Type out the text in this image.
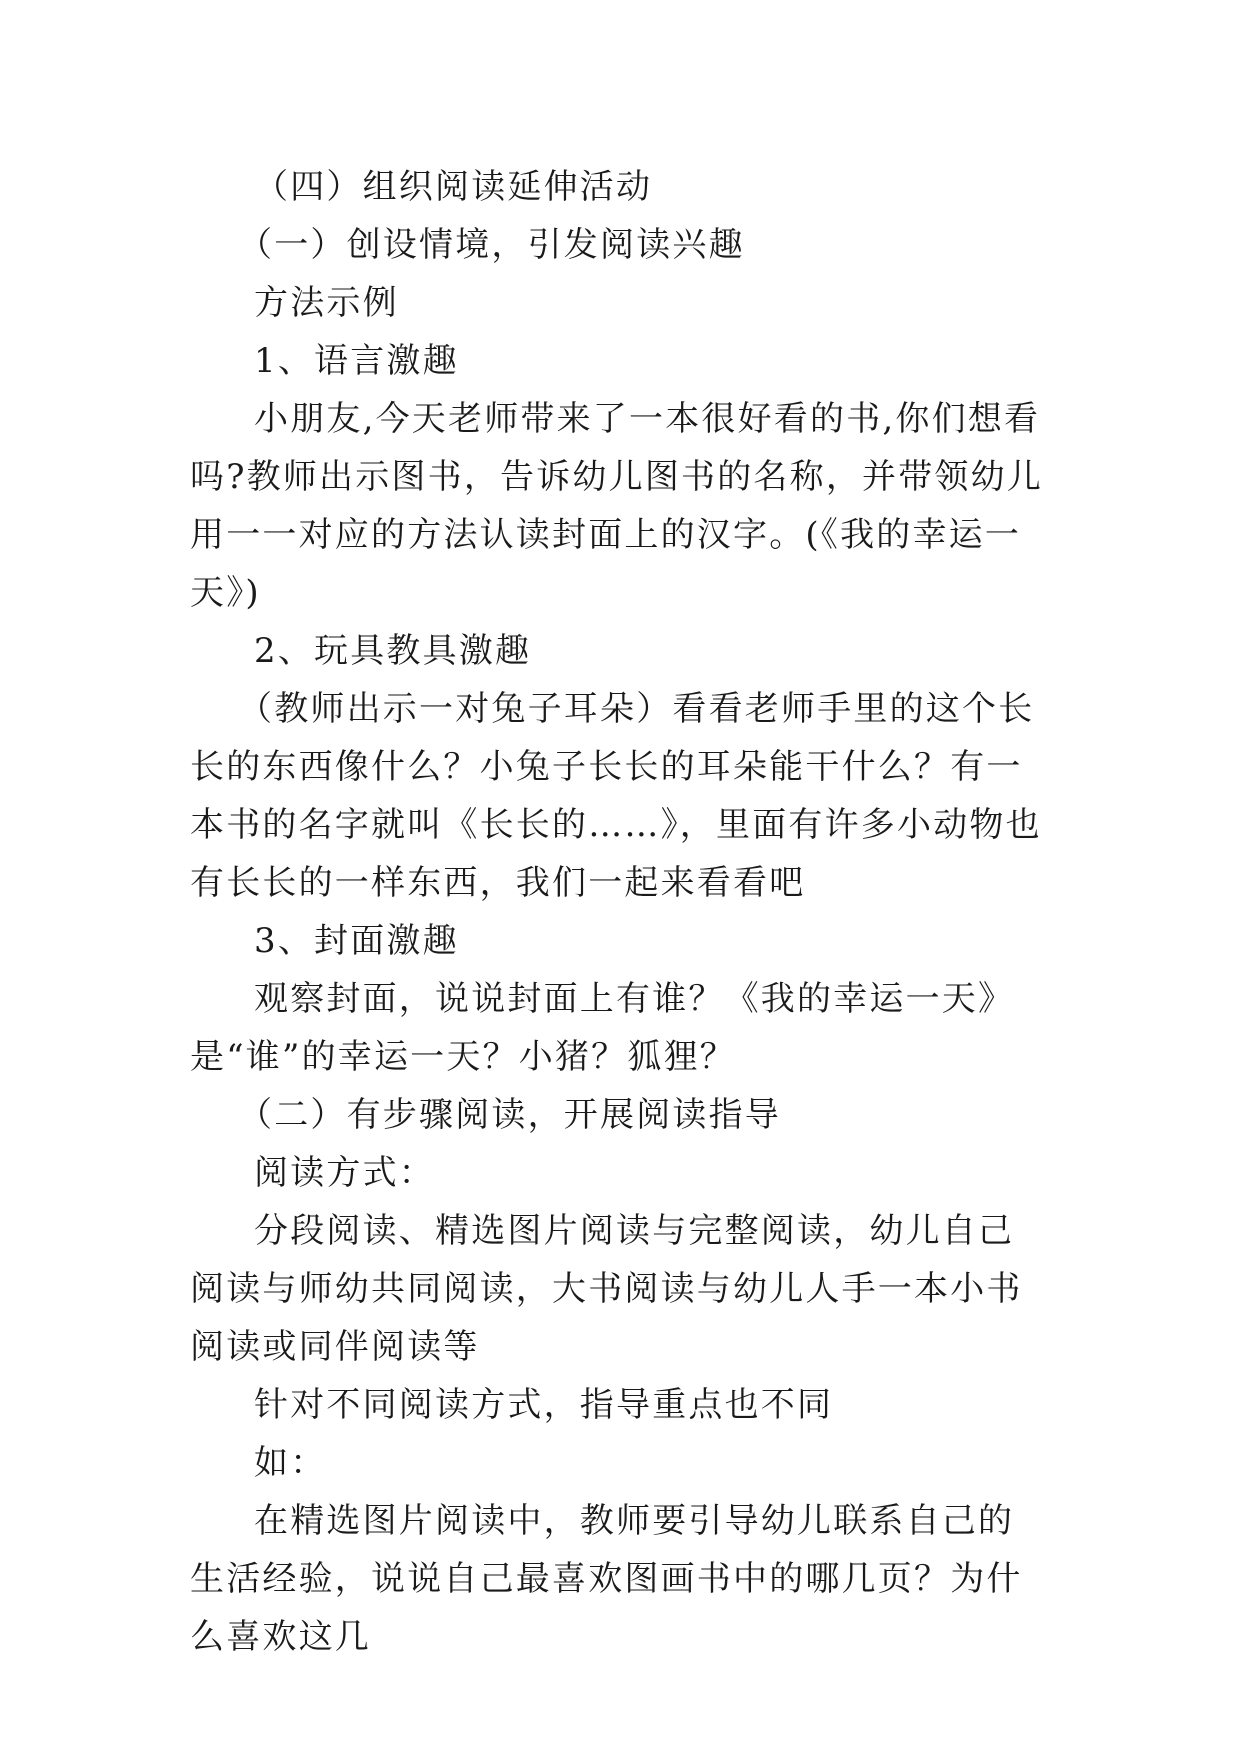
（四）组织阅读延伸活动

（一）创设情境，引发阅读兴趣

方法示例

1、语言激趣

小朋友,今天老师带来了一本很好看的书,你们想看吗?教师出示图书，告诉幼儿图书的名称，并带领幼儿用一一对应的方法认读封面上的汉字。(《我的幸运一天》)

2、玩具教具激趣

（教师出示一对兔子耳朵）看看老师手里的这个长长的东西像什么？小兔子长长的耳朵能干什么？有一本书的名字就叫《长长的……》，里面有许多小动物也有长长的一样东西，我们一起来看看吧

3、封面激趣

观察封面，说说封面上有谁？《我的幸运一天》是“谁”的幸运一天？小猪？狐狸？

（二）有步骤阅读，开展阅读指导

阅读方式：

分段阅读、精选图片阅读与完整阅读，幼儿自己阅读与师幼共同阅读，大书阅读与幼儿人手一本小书阅读或同伴阅读等

针对不同阅读方式，指导重点也不同

如：

在精选图片阅读中，教师要引导幼儿联系自己的生活经验，说说自己最喜欢图画书中的哪几页？为什么喜欢这几
